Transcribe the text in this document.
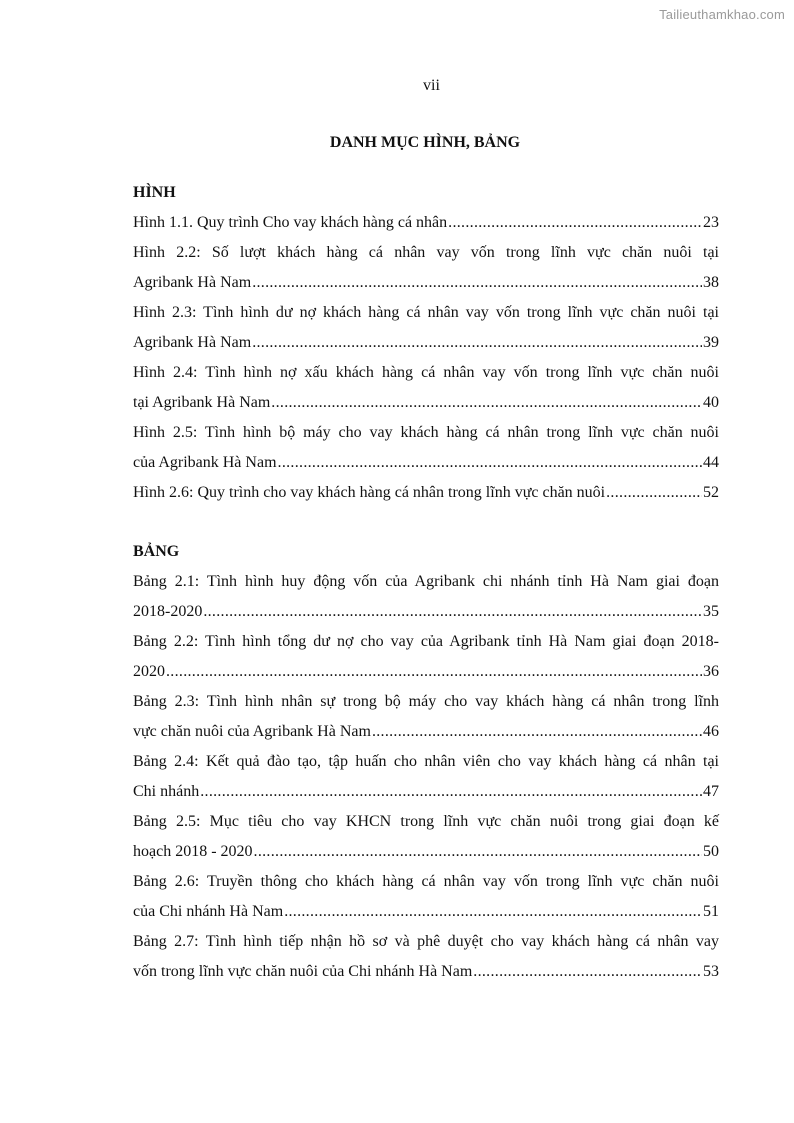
Tailieuthamkhao.com
vii
DANH MỤC HÌNH, BẢNG
HÌNH
Hình 1.1. Quy trình Cho vay khách hàng cá nhân .....	23
Hình 2.2: Số lượt khách hàng cá nhân vay vốn trong lĩnh vực chăn nuôi tại
Agribank Hà Nam .....	38
Hình 2.3: Tình hình dư nợ khách hàng cá nhân vay vốn trong lĩnh vực chăn nuôi tại
Agribank Hà Nam .....	39
Hình 2.4: Tình hình nợ xấu khách hàng cá nhân vay vốn trong lĩnh vực chăn nuôi
tại Agribank Hà Nam .....	40
Hình 2.5: Tình hình bộ máy cho vay khách hàng cá nhân trong lĩnh vực chăn nuôi
của Agribank Hà Nam .....	44
Hình 2.6: Quy trình cho vay khách hàng cá nhân trong lĩnh vực chăn nuôi .....	52
BẢNG
Bảng 2.1: Tình hình huy động vốn của Agribank chi nhánh tỉnh Hà Nam giai đoạn
2018-2020 .....	35
Bảng 2.2: Tình hình tổng dư nợ cho vay của Agribank tỉnh Hà Nam giai đoạn 2018-
2020 .....	36
Bảng 2.3: Tình hình nhân sự trong bộ máy cho vay khách hàng cá nhân trong lĩnh
vực chăn nuôi của Agribank Hà Nam .....	46
Bảng 2.4: Kết quả đào tạo, tập huấn cho nhân viên cho vay khách hàng cá nhân tại
Chi nhánh .....	47
Bảng 2.5: Mục tiêu cho vay KHCN trong lĩnh vực chăn nuôi trong giai đoạn kế
hoạch 2018 - 2020 .....	50
Bảng 2.6: Truyền thông cho khách hàng cá nhân vay vốn trong lĩnh vực chăn nuôi
của Chi nhánh Hà Nam .....	51
Bảng 2.7: Tình hình tiếp nhận hồ sơ và phê duyệt cho vay khách hàng cá nhân vay
vốn trong lĩnh vực chăn nuôi của Chi nhánh Hà Nam .....	53
